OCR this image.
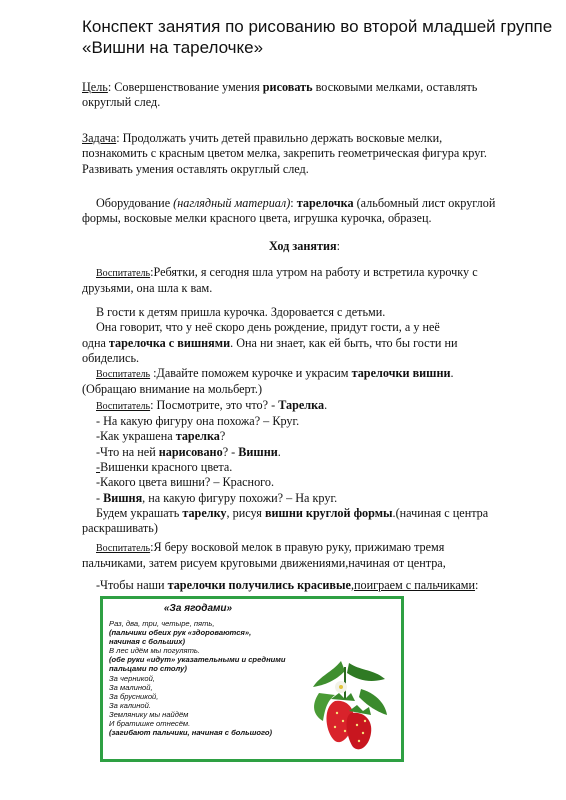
Конспект занятия по рисованию во второй младшей группе
«Вишни на тарелочке»
Цель: Совершенствование умения рисовать восковыми мелками, оставлять
округлый след.
Задача: Продолжать учить детей правильно держать восковые мелки,
познакомить с красным цветом мелка, закрепить геометрическая фигура круг.
Развивать умения оставлять округлый след.
Оборудование (наглядный материал): тарелочка (альбомный лист округлой
формы, восковые мелки красного цвета, игрушка курочка, образец.
Ход занятия:
Воспитатель:Ребятки, я сегодня шла утром на работу и встретила курочку с
друзьями, она шла к вам.
В гости к детям пришла курочка. Здоровается с детьми.
Она говорит, что у неё скоро день рождение, придут гости, а у неё
одна тарелочка с вишнями. Она ни знает, как ей быть, что бы гости ни
обиделись.
Воспитатель :Давайте поможем курочке и украсим тарелочки вишни.
(Обращаю внимание на мольберт.)
Воспитатель: Посмотрите, это что? - Тарелка.
- На какую фигуру она похожа? – Круг.
-Как украшена тарелка?
-Что на ней нарисовано? - Вишни.
-Вишенки красного цвета.
-Какого цвета вишни? – Красного.
- Вишня, на какую фигуру похожи? – На круг.
Будем украшать тарелку, рисуя вишни круглой формы.(начиная с центра
раскрашивать)
Воспитатель:Я беру восковой мелок в правую руку, прижимаю тремя
пальчиками, затем рисуем круговыми движениями,начиная от центра,
-Чтобы наши тарелочки получились красивые,поиграем с пальчиками:
«За ягодами»
Раз, два, три, четыре, пять,
(пальчики обеих рук «здороваются»,
начиная с больших)
В лес идём мы погулять.
(обе руки «идут» указательными и средними
пальцами по столу)
За черникой,
За малиной,
За брусникой,
За калиной.
Землянику мы найдём
И братишке отнесём.
(загибают пальчики, начиная с большого)
